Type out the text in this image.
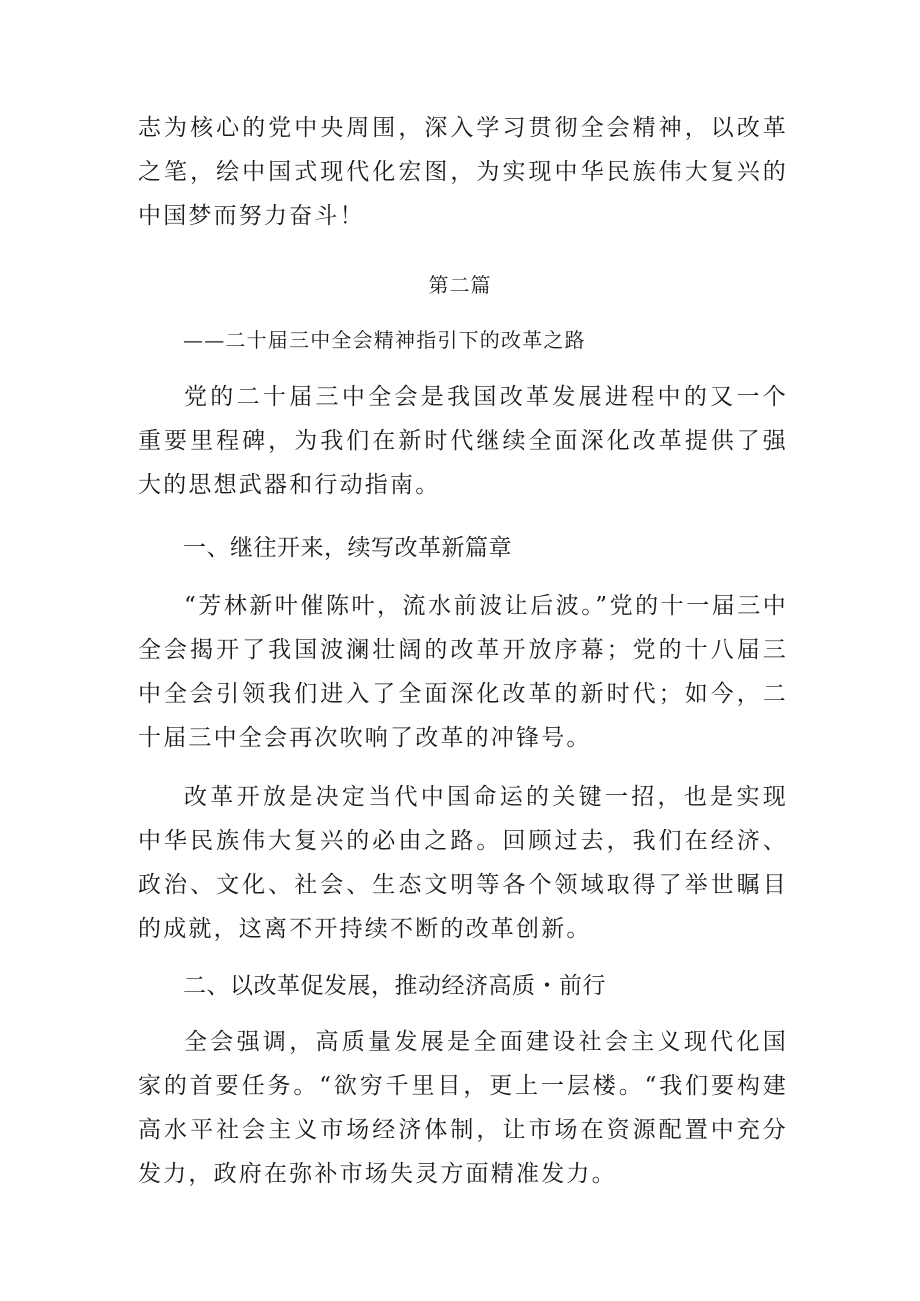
志为核心的党中央周围，深入学习贯彻全会精神，以改革之笔，绘中国式现代化宏图，为实现中华民族伟大复兴的中国梦而努力奋斗！

第二篇

——二十届三中全会精神指引下的改革之路

党的二十届三中全会是我国改革发展进程中的又一个重要里程碑，为我们在新时代继续全面深化改革提供了强大的思想武器和行动指南。

一、继往开来，续写改革新篇章

“芳林新叶催陈叶，流水前波让后波。”党的十一届三中全会揭开了我国波澜壮阔的改革开放序幕；党的十八届三中全会引领我们进入了全面深化改革的新时代；如今，二十届三中全会再次吹响了改革的冲锋号。

改革开放是决定当代中国命运的关键一招，也是实现中华民族伟大复兴的必由之路。回顾过去，我们在经济、政治、文化、社会、生态文明等各个领域取得了举世瞩目的成就，这离不开持续不断的改革创新。

二、以改革促发展，推动经济高质・前行

全会强调，高质量发展是全面建设社会主义现代化国家的首要任务。“欲穷千里目，更上一层楼。“我们要构建高水平社会主义市场经济体制，让市场在资源配置中充分发力，政府在弥补市场失灵方面精准发力。
